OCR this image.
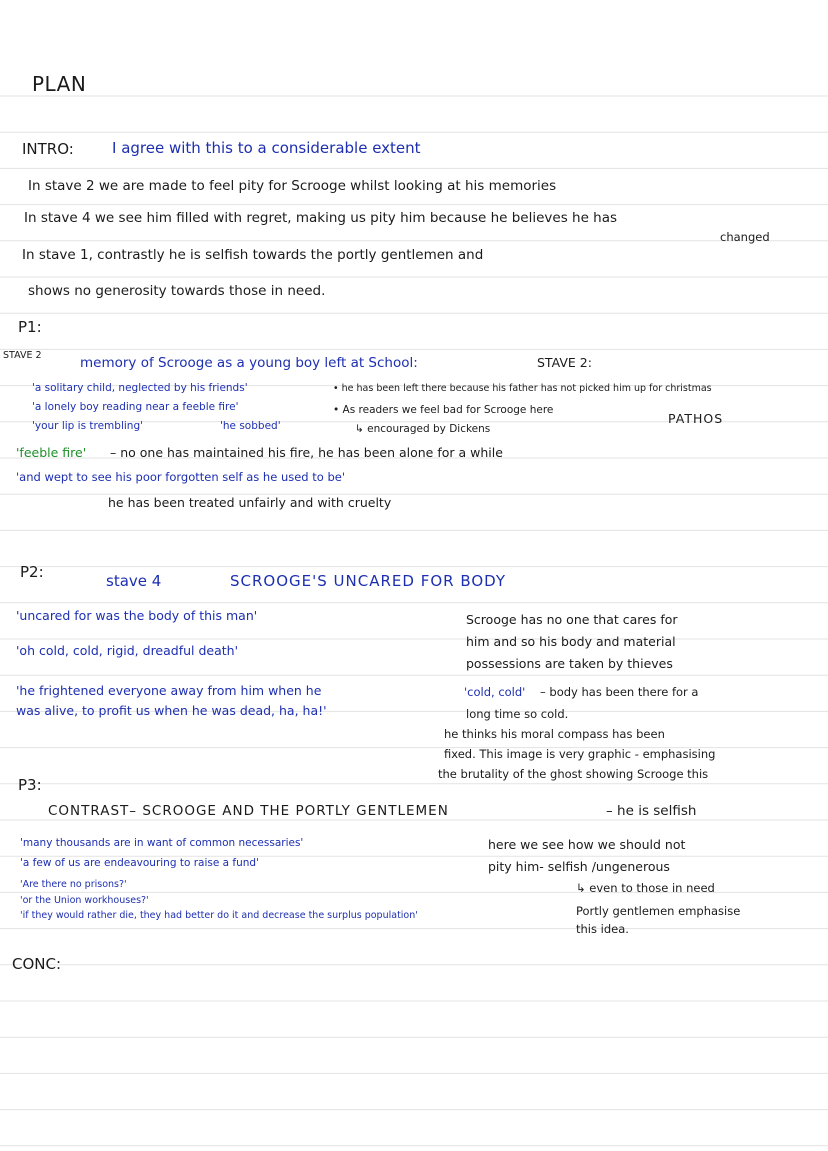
PLAN
INTRO:	I agree with this to a considerable extent
In stave 2 we are made to feel pity for Scrooge whilst looking at his memories
In stave 4 we see him filled with regret, making us pity him because he believes he has
changed
In stave 1, contrastly he is selfish towards the portly gentlemen and
shows no generosity towards those in need.
P1:
STAVE 2	memory of Scrooge as a young boy left at School:	STAVE 2:
'a solitary child, neglected by his friends'
'a lonely boy reading near a feeble fire'
'your lip is trembling'	'he sobbed'
• he has been left there because his father has not picked him up for christmas
• As readers we feel bad for Scrooge here
↳ encouraged by Dickens
PATHOS
'feeble fire' – no one has maintained his fire, he has been alone for a while
'and wept to see his poor forgotten self as he used to be'
he has been treated unfairly and with cruelty
P2:	stave 4	SCROOGE'S UNCARED FOR BODY
'uncared for was the body of this man'
'oh cold, cold, rigid, dreadful death'
'he frightened everyone away from him when he
was alive, to profit us when he was dead, ha, ha!'
Scrooge has no one that cares for
him and so his body and material
possessions are taken by thieves
'cold, cold' – body has been there for a
long time so cold.
he thinks his moral compass has been
fixed. This image is very graphic - emphasising
the brutality of the ghost showing Scrooge this
P3:
CONTRAST– SCROOGE AND THE PORTLY GENTLEMEN	– he is selfish
'many thousands are in want of common necessaries'
'a few of us are endeavouring to raise a fund'
'Are there no prisons?'
'or the Union workhouses?'
'if they would rather die, they had better do it and decrease the surplus population'
here we see how we should not
pity him- selfish /ungenerous
↳ even to those in need
Portly gentlemen emphasise
this idea.
CONC:
